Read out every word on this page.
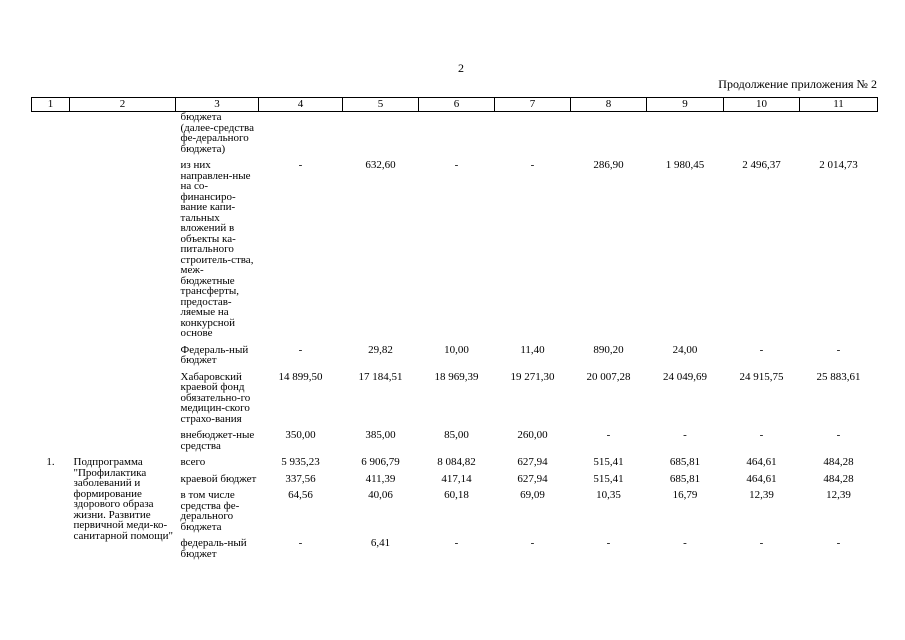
2
Продолжение приложения № 2
1	2	3	4	5	6	7	8	9	10	11
		бюджета (далее-средства фе-дерального бюджета)								
		из них направлен-ные на со-финансиро-вание капи-тальных вложений в объекты ка-питального строитель-ства, меж-бюджетные трансферты, предостав-ляемые на конкурсной основе	-	632,60	-	-	286,90	1 980,45	2 496,37	2 014,73
		Федераль-ный бюджет	-	29,82	10,00	11,40	890,20	24,00	-	-
		Хабаровский краевой фонд обязательно-го медицин-ского страхо-вания	14 899,50	17 184,51	18 969,39	19 271,30	20 007,28	24 049,69	24 915,75	25 883,61
		внебюджет-ные средства	350,00	385,00	85,00	260,00	-	-	-	-
1.	Подпрограмма "Профилактика заболеваний и формирование здорового образа жизни. Развитие первичной меди-ко-санитарной помощи"	всего	5 935,23	6 906,79	8 084,82	627,94	515,41	685,81	464,61	484,28
		краевой бюджет	337,56	411,39	417,14	627,94	515,41	685,81	464,61	484,28
		в том числе средства фе-дерального бюджета	64,56	40,06	60,18	69,09	10,35	16,79	12,39	12,39
		федераль-ный бюджет	-	6,41	-	-	-	-	-	-
